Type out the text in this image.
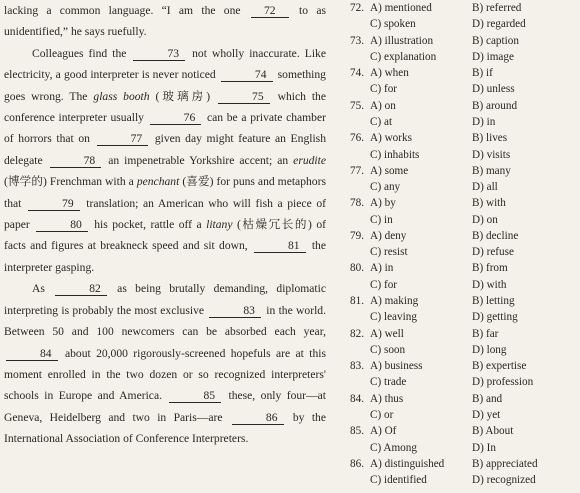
lacking a common language. “I am the one 72 to as unidentified,” he says ruefully.

Colleagues find the	73 not wholly inaccurate. Like electricity, a good interpreter is never noticed	74 something goes wrong. The glass booth (玻璃房)	75 which the conference interpreter usually	76 can be a private chamber of horrors that on	77 given day might feature an English delegate	78 an impenetrable Yorkshire accent; an erudite (博学的) Frenchman with a penchant (喜爱) for puns and metaphors that	79 translation; an American who will fish a piece of paper	80 his pocket, rattle off a litany (枯燥冗长的) of facts and figures at breakneck speed and sit down,	81 the interpreter gasping.

As	82 as being brutally demanding, diplomatic interpreting is probably the most exclusive	83 in the world. Between 50 and 100 newcomers can be absorbed each year, 84 about 20,000 rigorously-screened hopefuls are at this moment enrolled in the two dozen or so recognized interpreters' schools in Europe and America.	85 these, only four—at Geneva, Heidelberg and two in Paris—are	86 by the International Association of Conference Interpreters.

72. A) mentioned	B) referred
C) spoken	D) regarded
73. A) illustration	B) caption
C) explanation	D) image
74. A) when	B) if
C) for	D) unless
75. A) on	B) around
C) at	D) in
76. A) works	B) lives
C) inhabits	D) visits
77. A) some	B) many
C) any	D) all
78. A) by	B) with
C) in	D) on
79. A) deny	B) decline
C) resist	D) refuse
80. A) in	B) from
C) for	D) with
81. A) making	B) letting
C) leaving	D) getting
82. A) well	B) far
C) soon	D) long
83. A) business	B) expertise
C) trade	D) profession
84. A) thus	B) and
C) or	D) yet
85. A) Of	B) About
C) Among	D) In
86. A) distinguished B) appreciated
C) identified	D) recognized
